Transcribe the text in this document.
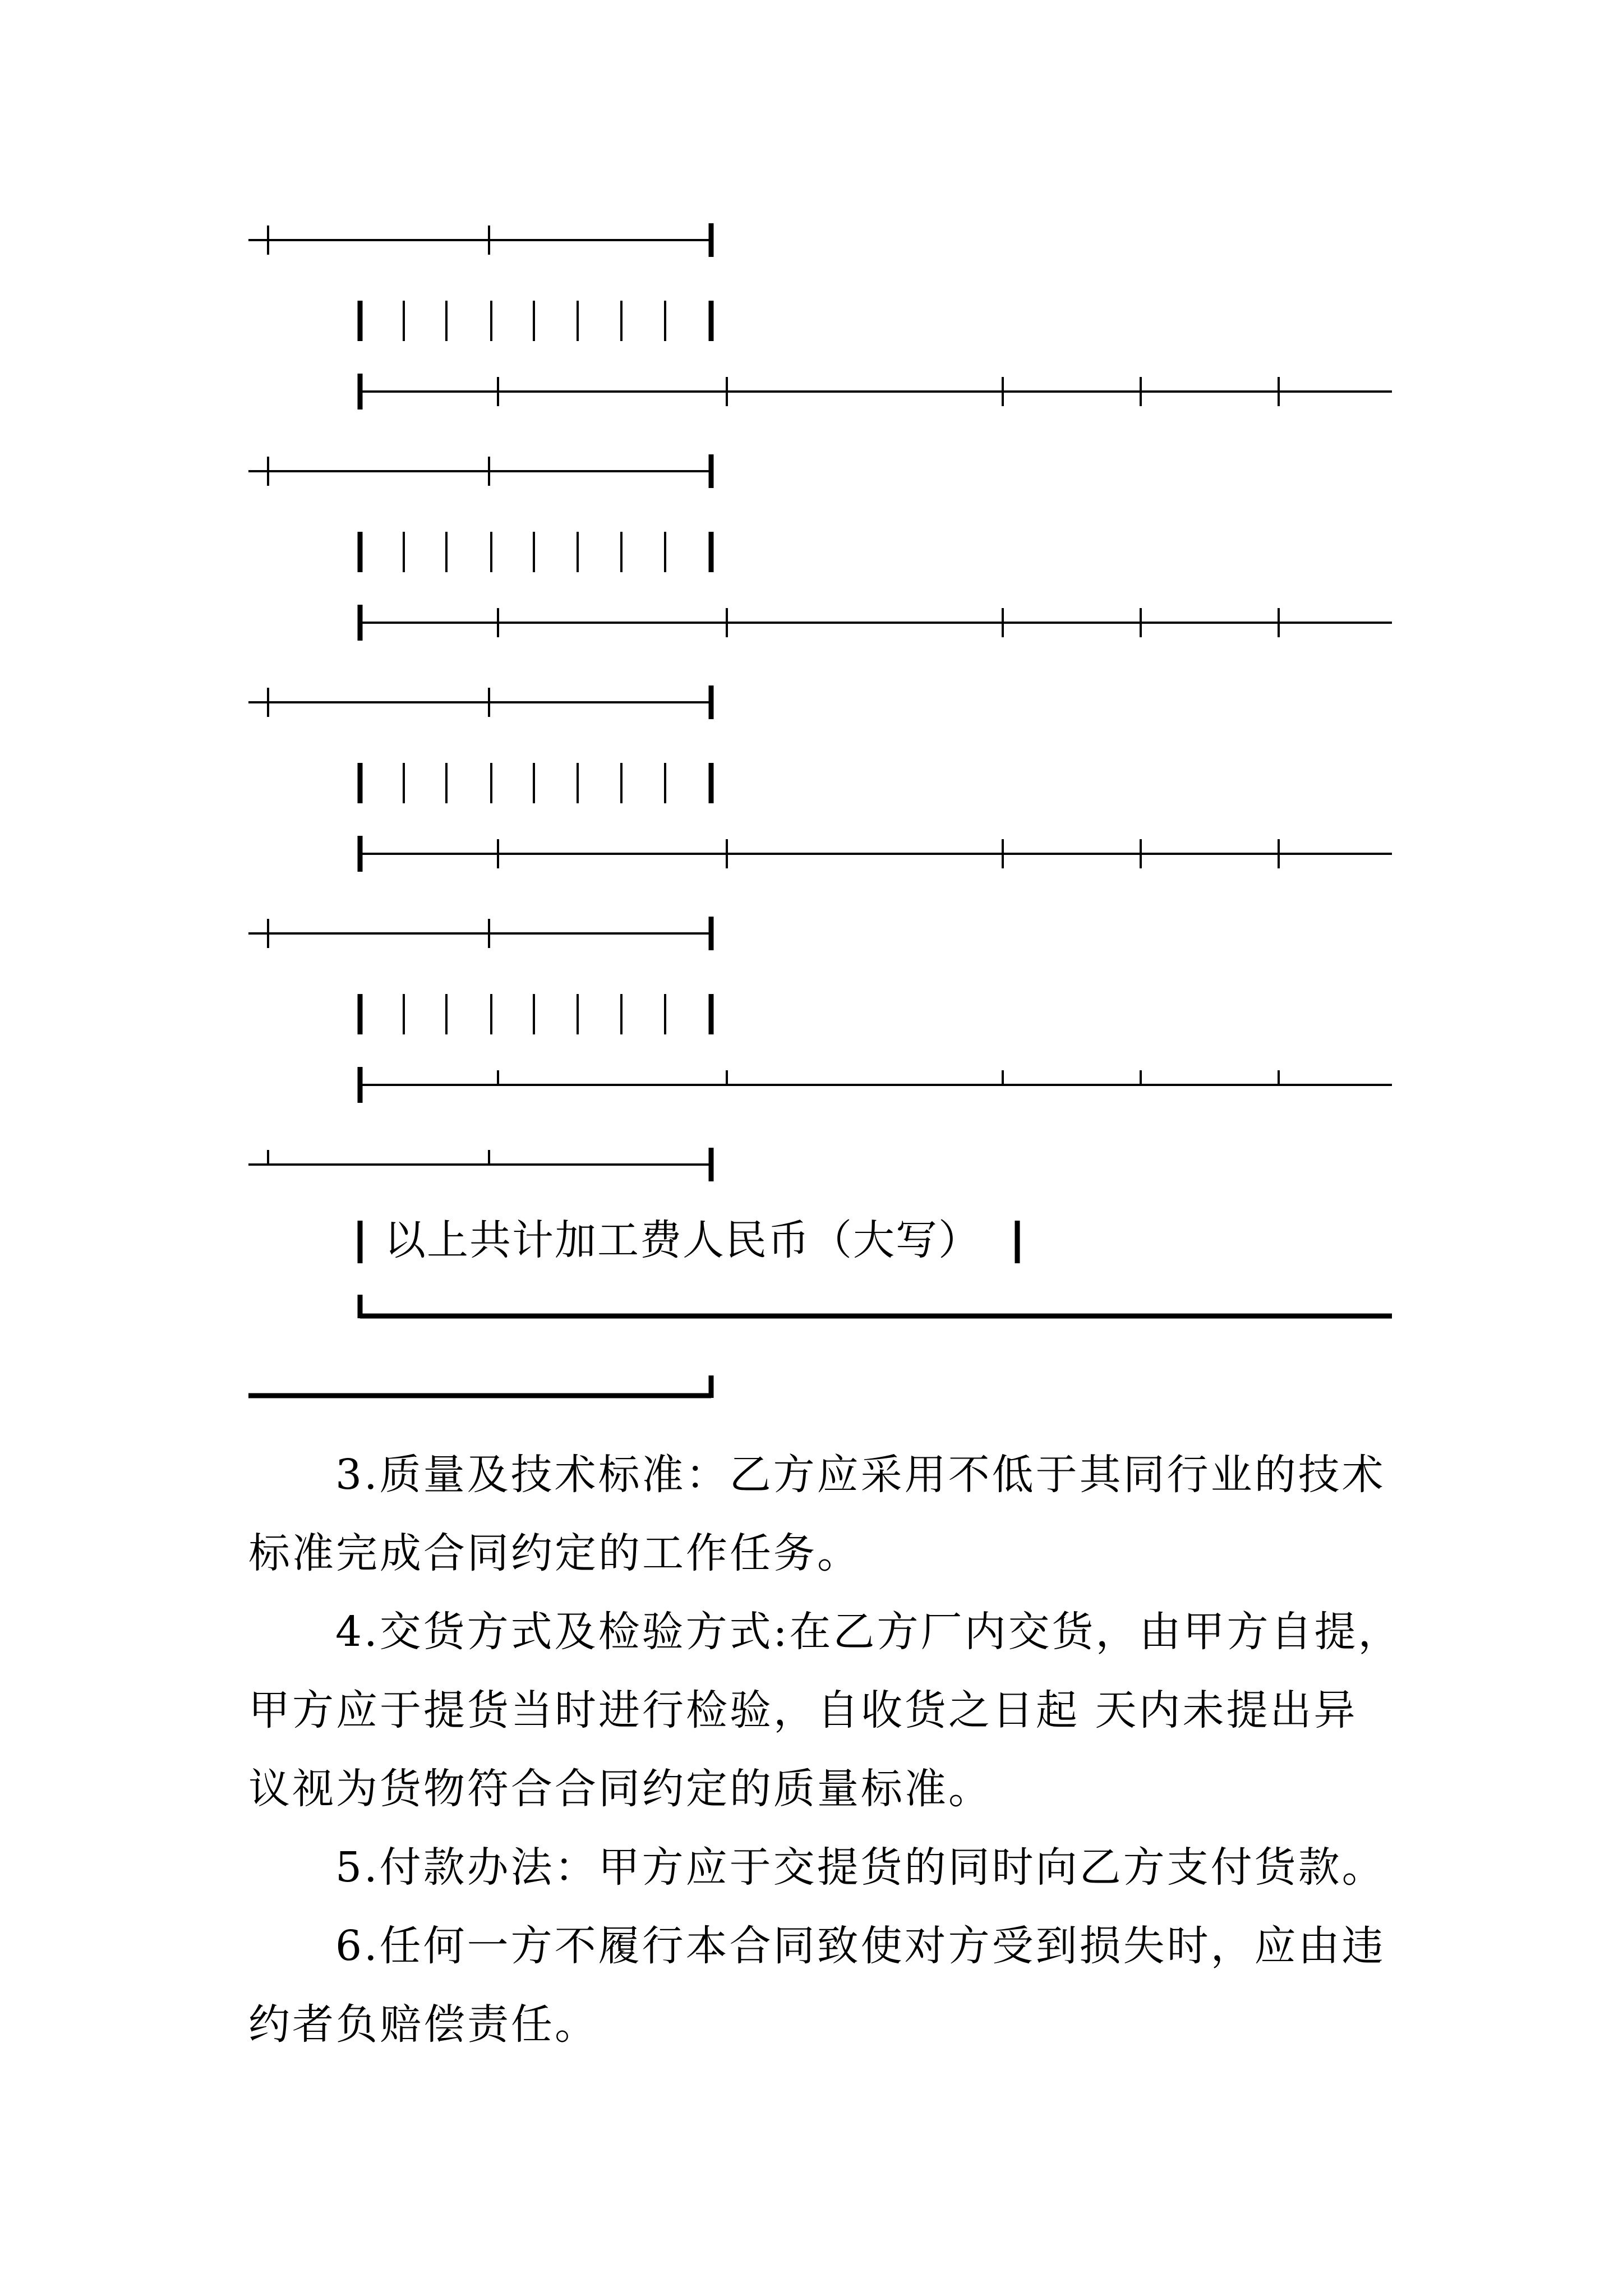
以上共计加工费人民币（大写）
3.质量及技术标准：乙方应采用不低于其同行业的技术
标准完成合同约定的工作任务。
4.交货方式及检验方式:在乙方厂内交货，由甲方自提，
甲方应于提货当时进行检验，自收货之日起 天内未提出异
议视为货物符合合同约定的质量标准。
5.付款办法：甲方应于交提货的同时向乙方支付货款。
6.任何一方不履行本合同致使对方受到损失时，应由违
约者负赔偿责任。
